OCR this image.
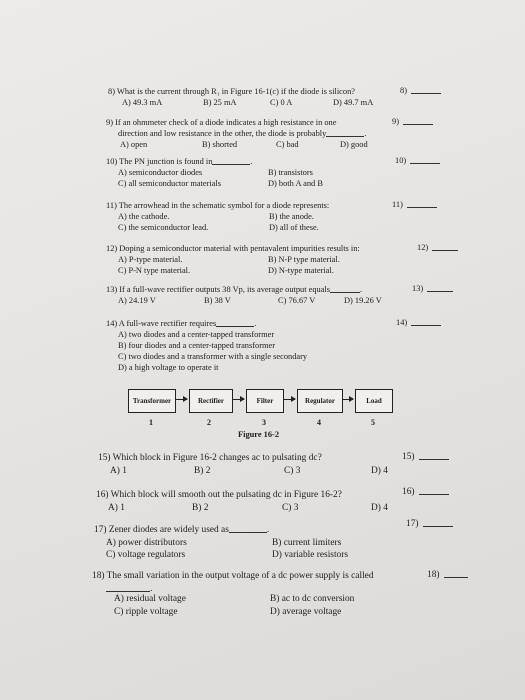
8) What is the current through R₁ in Figure 16-1(c) if the diode is silicon?
A) 49.3 mA	B) 25 mA	C) 0 A	D) 49.7 mA
8)
9) If an ohmmeter check of a diode indicates a high resistance in one
direction and low resistance in the other, the diode is probably	.
A) open	B) shorted	C) bad	D) good
9)
10) The PN junction is found in	.
A) semiconductor diodes	B) transistors
C) all semiconductor materials	D) both A and B
10)
11) The arrowhead in the schematic symbol for a diode represents:
A) the cathode.	B) the anode.
C) the semiconductor lead.	D) all of these.
11)
12) Doping a semiconductor material with pentavalent impurities results in:
A) P-type material.	B) N-P type material.
C) P-N type material.	D) N-type material.
12)
13) If a full-wave rectifier outputs 38 Vp, its average output equals	.
A) 24.19 V	B) 38 V	C) 76.67 V	D) 19.26 V
13)
14) A full-wave rectifier requires	.
A) two diodes and a center-tapped transformer
B) four diodes and a center-tapped transformer
C) two diodes and a transformer with a single secondary
D) a high voltage to operate it
14)
Transformer	Rectifier	Filter	Regulator	Load
1	2	3	4	5
Figure 16-2
15) Which block in Figure 16-2 changes ac to pulsating dc?
A) 1	B) 2	C) 3	D) 4
15)
16) Which block will smooth out the pulsating dc in Figure 16-2?
A) 1	B) 2	C) 3	D) 4
16)
17) Zener diodes are widely used as	.
A) power distributors	B) current limiters
C) voltage regulators	D) variable resistors
17)
18) The small variation in the output voltage of a dc power supply is called
.
A) residual voltage	B) ac to dc conversion
C) ripple voltage	D) average voltage
18)
